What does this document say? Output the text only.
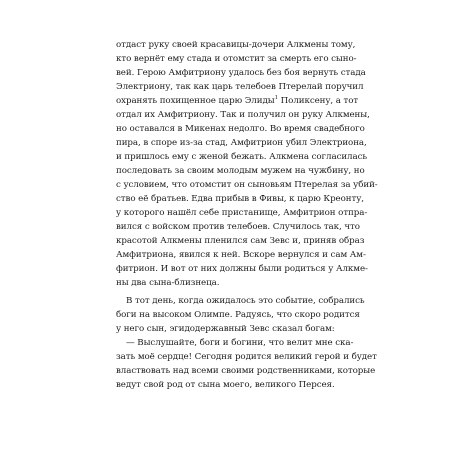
отдаст руку своей красавицы-дочери Алкмены тому,
кто вернёт ему стада и отомстит за смерть его сынo-
вей. Герою Амфитриону удалось без боя вернуть стада
Электриону, так как царь телебоев Птерелай поручил
охранять похищенное царю Элиды$^1$ Поликсену, а тот
отдал их Амфитриону. Так и получил он руку Алкмены,
но оставался в Микенах недолго. Во время свадебного
пира, в споре из-за стад, Амфитрион убил Электриона,
и пришлось ему с женой бежать. Алкмена согласилась
последовать за своим молодым мужем на чужбину, но
с условием, что отомстит он сыновьям Птерелая за убий-
ство её братьев. Едва прибыв в Фивы, к царю Креонту,
у которого нашёл себе пристанище, Амфитрион отпра-
вился с войском против телебоев. Случилось так, что
красотой Алкмены пленился сам Зевс и, приняв образ
Амфитриона, явился к ней. Вскоре вернулся и сам Ам-
фитрион. И вот от них должны были родиться у Алкме-
ны два сына-близнеца.
В тот день, когда ожидалось это событие, собрались
боги на высоком Олимпе. Радуясь, что скоро родится
у него сын, эгидодержавный Зевс сказал богам:
— Выслушайте, боги и богини, что велит мне ска-
зать моё сердце! Сегодня родится великий герой и будет
властвовать над всеми своими родственниками, которые
ведут свой род от сына моего, великого Персея.
